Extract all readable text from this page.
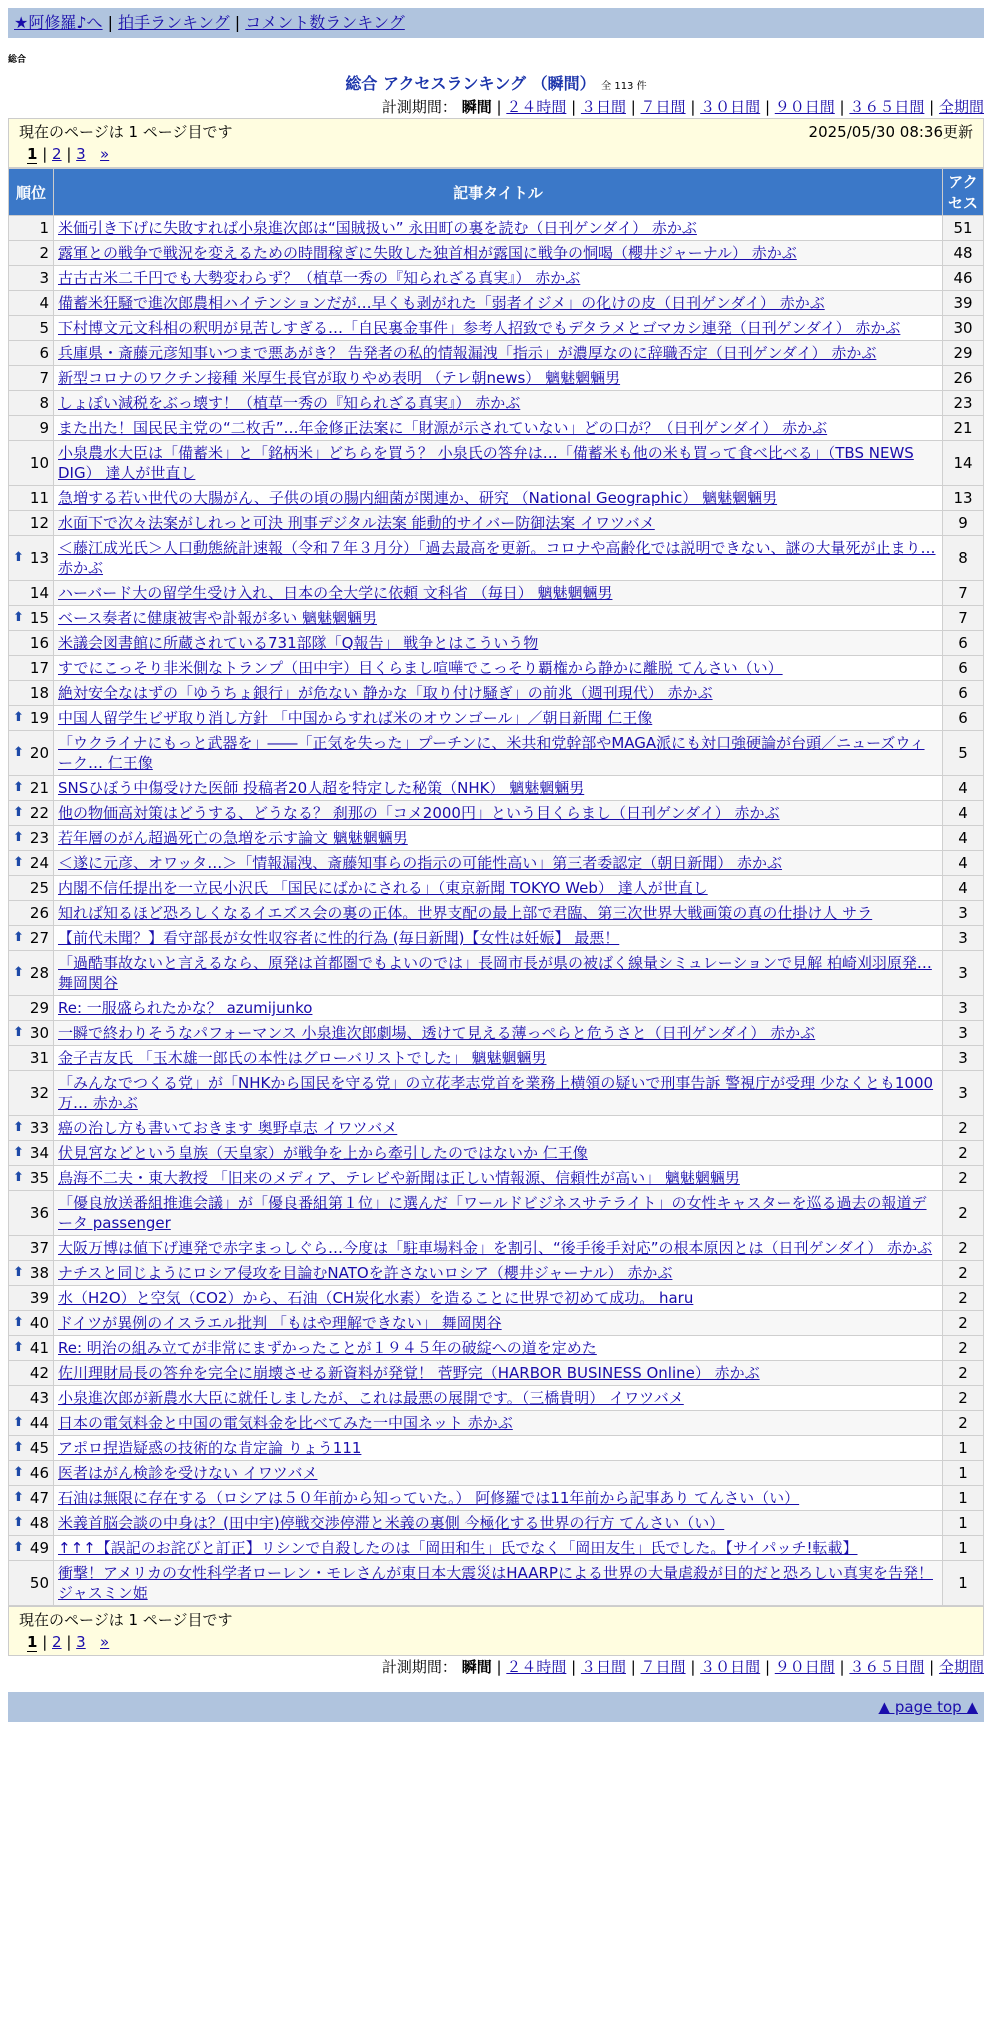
★阿修羅♪へ | 拍手ランキング | コメント数ランキング
総合
総合 アクセスランキング （瞬間） 全 113 件
計測期間： 瞬間 | ２４時間 | ３日間 | ７日間 | ３０日間 | ９０日間 | ３６５日間 | 全期間
現在のページは 1 ページ目です	2025/05/30 08:36更新
1 | 2 | 3 »
順位	記事タイトル	アクセス
1	米価引き下げに失敗すれば小泉進次郎は“国賊扱い” 永田町の裏を読む（日刊ゲンダイ） 赤かぶ	51
2	露軍との戦争で戦況を変えるための時間稼ぎに失敗した独首相が露国に戦争の恫喝（櫻井ジャーナル） 赤かぶ	48
3	古古古米二千円でも大勢変わらず？（植草一秀の『知られざる真実』） 赤かぶ	46
4	備蓄米狂騒で進次郎農相ハイテンションだが…早くも剥がれた「弱者イジメ」の化けの皮（日刊ゲンダイ） 赤かぶ	39
5	下村博文元文科相の釈明が見苦しすぎる…「自民裏金事件」参考人招致でもデタラメとゴマカシ連発（日刊ゲンダイ） 赤かぶ	30
6	兵庫県・斎藤元彦知事いつまで悪あがき？ 告発者の私的情報漏洩「指示」が濃厚なのに辞職否定（日刊ゲンダイ） 赤かぶ	29
7	新型コロナのワクチン接種 米厚生長官が取りやめ表明 （テレ朝news） 魑魅魍魎男	26
8	しょぼい減税をぶっ壊す！（植草一秀の『知られざる真実』） 赤かぶ	23
9	また出た！国民民主党の“二枚舌”…年金修正法案に「財源が示されていない」どの口が？（日刊ゲンダイ） 赤かぶ	21
10	小泉農水大臣は「備蓄米」と「銘柄米」どちらを買う？ 小泉氏の答弁は…「備蓄米も他の米も買って食べ比べる」（TBS NEWS DIG） 達人が世直し	14
11	急増する若い世代の大腸がん、子供の頃の腸内細菌が関連か、研究 （National Geographic） 魑魅魍魎男	13
12	水面下で次々法案がしれっと可決 刑事デジタル法案 能動的サイバー防御法案 イワツバメ	9

⬆ 13	＜藤江成光氏＞人口動態統計速報（令和７年３月分）「過去最高を更新。コロナや高齢化では説明できない、謎の大量死が止まり… 赤かぶ	8
14	ハーバード大の留学生受け入れ、日本の全大学に依頼 文科省 （毎日） 魑魅魍魎男	7

⬆ 15	ベース奏者に健康被害や訃報が多い 魑魅魍魎男	7
16	米議会図書館に所蔵されている731部隊「Q報告」 戦争とはこういう物	6
17	すでにこっそり非米側なトランプ（田中宇）目くらまし喧嘩でこっそり覇権から静かに離脱 てんさい（い）	6
18	絶対安全なはずの「ゆうちょ銀行」が危ない 静かな「取り付け騒ぎ」の前兆（週刊現代） 赤かぶ	6

⬆ 19	中国人留学生ビザ取り消し方針 「中国からすれば米のオウンゴール」／朝日新聞 仁王像	6

⬆ 20	「ウクライナにもっと武器を」――「正気を失った」プーチンに、米共和党幹部やMAGA派にも対口強硬論が台頭／ニューズウィーク… 仁王像	5

⬆ 21	SNSひぼう中傷受けた医師 投稿者20人超を特定した秘策（NHK） 魑魅魍魎男	4

⬆ 22	他の物価高対策はどうする、どうなる？ 刹那の「コメ2000円」という目くらまし（日刊ゲンダイ） 赤かぶ	4

⬆ 23	若年層のがん超過死亡の急増を示す論文 魑魅魍魎男	4

⬆ 24	＜遂に元彦、オワッタ…＞「情報漏洩、斎藤知事らの指示の可能性高い」第三者委認定（朝日新聞） 赤かぶ	4
25	内閣不信任提出を一立民小沢氏 「国民にばかにされる」（東京新聞 TOKYO Web） 達人が世直し	4
26	知れば知るほど恐ろしくなるイエズス会の裏の正体。世界支配の最上部で君臨、第三次世界大戦画策の真の仕掛け人 サラ	3

⬆ 27	【前代未聞？】看守部長が女性収容者に性的行為 (毎日新聞)【女性は妊娠】 最悪！	3

⬆ 28	「過酷事故ないと言えるなら、原発は首都圏でもよいのでは」長岡市長が県の被ばく線量シミュレーションで見解 柏崎刈羽原発… 舞岡関谷	3
29	Re: 一服盛られたかな？ azumijunko	3

⬆ 30	一瞬で終わりそうなパフォーマンス 小泉進次郎劇場、透けて見える薄っぺらと危うさと（日刊ゲンダイ） 赤かぶ	3
31	金子吉友氏 「玉木雄一郎氏の本性はグローバリストでした」 魑魅魍魎男	3
32	「みんなでつくる党」が「NHKから国民を守る党」の立花孝志党首を業務上横領の疑いで刑事告訴 警視庁が受理 少なくとも1000万… 赤かぶ	3

⬆ 33	癌の治し方も書いておきます 奥野卓志 イワツバメ	2

⬆ 34	伏見宮などという皇族（天皇家）が戦争を上から牽引したのではないか 仁王像	2

⬆ 35	鳥海不二夫・東大教授 「旧来のメディア、テレビや新聞は正しい情報源、信頼性が高い」 魑魅魍魎男	2
36	「優良放送番組推進会議」が「優良番組第１位」に選んだ「ワールドビジネスサテライト」の女性キャスターを巡る過去の報道データ passenger	2
37	大阪万博は値下げ連発で赤字まっしぐら…今度は「駐車場料金」を割引、“後手後手対応”の根本原因とは（日刊ゲンダイ） 赤かぶ	2

⬆ 38	ナチスと同じようにロシア侵攻を目論むNATOを許さないロシア（櫻井ジャーナル） 赤かぶ	2
39	水（H2O）と空気（CO2）から、石油（CH炭化水素）を造ることに世界で初めて成功。 haru	2

⬆ 40	ドイツが異例のイスラエル批判 「もはや理解できない」 舞岡関谷	2

⬆ 41	Re: 明治の組み立てが非常にまずかったことが１９４５年の破綻への道を定めた	2
42	佐川理財局長の答弁を完全に崩壊させる新資料が発覚！ 菅野完（HARBOR BUSINESS Online） 赤かぶ	2
43	小泉進次郎が新農水大臣に就任しましたが、これは最悪の展開です。（三橋貴明） イワツバメ	2

⬆ 44	日本の電気料金と中国の電気料金を比べてみた一中国ネット 赤かぶ	2

⬆ 45	アポロ捏造疑惑の技術的な肯定論 りょう111	1

⬆ 46	医者はがん検診を受けない イワツバメ	1

⬆ 47	石油は無限に存在する（ロシアは５０年前から知っていた。） 阿修羅では11年前から記事あり てんさい（い）	1

⬆ 48	米義首脳会談の中身は？(田中宇)停戦交渉停滞と米義の裏側 今極化する世界の行方 てんさい（い）	1

⬆ 49	↑↑↑【誤記のお詫びと訂正】リシンで自殺したのは「岡田和生」氏でなく「岡田友生」氏でした。【サイパッチ!転載】	1
50	衝撃！アメリカの女性科学者ローレン・モレさんが東日本大震災はHAARPによる世界の大量虐殺が目的だと恐ろしい真実を告発！ ジャスミン姫	1
現在のページは 1 ページ目です
1 | 2 | 3 »
計測期間： 瞬間 | ２４時間 | ３日間 | ７日間 | ３０日間 | ９０日間 | ３６５日間 | 全期間
▲ page top ▲
